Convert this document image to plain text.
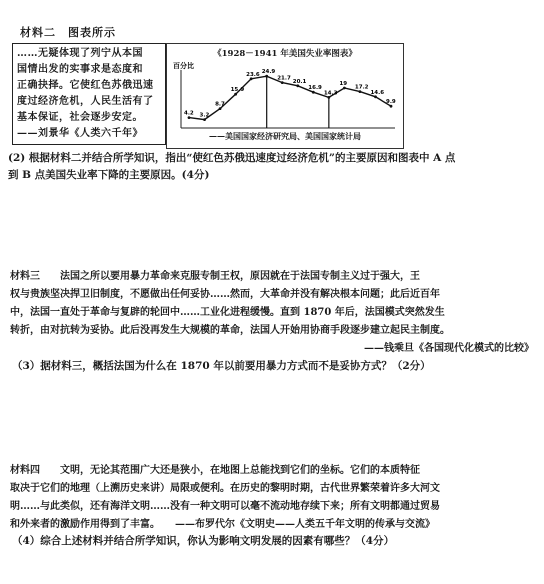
材料二　图表所示
……无疑体现了列宁从本国
国情出发的实事求是态度和
正确抉择。它使红色苏俄迅速
度过经济危机，人民生活有了
基本保证，社会逐步安定。
——刘景华《人类六千年》
《1928－1941 年美国失业率图表》
百分比
4.2 3.2
8.7
15.9
23.6 24.9
21.7
20.1
16.9
14.3
19
17.2
14.6
9.9
——美国国家经济研究局、美国国家统计局
(2) 根据材料二并结合所学知识，指出“使红色苏俄迅速度过经济危机”的主要原因和图表中 A 点
到 B 点美国失业率下降的主要原因。(4分)
材料三　　法国之所以要用暴力革命来克服专制王权，原因就在于法国专制主义过于强大，王
权与贵族坚决捍卫旧制度，不愿做出任何妥协……然而，大革命并没有解决根本问题；此后近百年
中，法国一直处于革命与复辟的轮回中……工业化进程缓慢。直到 1870 年后，法国模式突然发生
转折，由对抗转为妥协。此后没再发生大规模的革命，法国人开始用协商手段逐步建立起民主制度。
——钱乘旦《各国现代化模式的比较》
（3）据材料三，概括法国为什么在 1870 年以前要用暴力方式而不是妥协方式？（2分）
材料四　　文明，无论其范围广大还是狭小，在地图上总能找到它们的坐标。它们的本质特征
取决于它们的地理（上溯历史来讲）局限或便利。在历史的黎明时期，古代世界繁荣着许多大河文
明……与此类似，还有海洋文明……没有一种文明可以毫不流动地存续下来；所有文明都通过贸易
和外来者的激励作用得到了丰富。　　——布罗代尔《文明史——人类五千年文明的传承与交流》
（4）综合上述材料并结合所学知识，你认为影响文明发展的因素有哪些？（4分）
